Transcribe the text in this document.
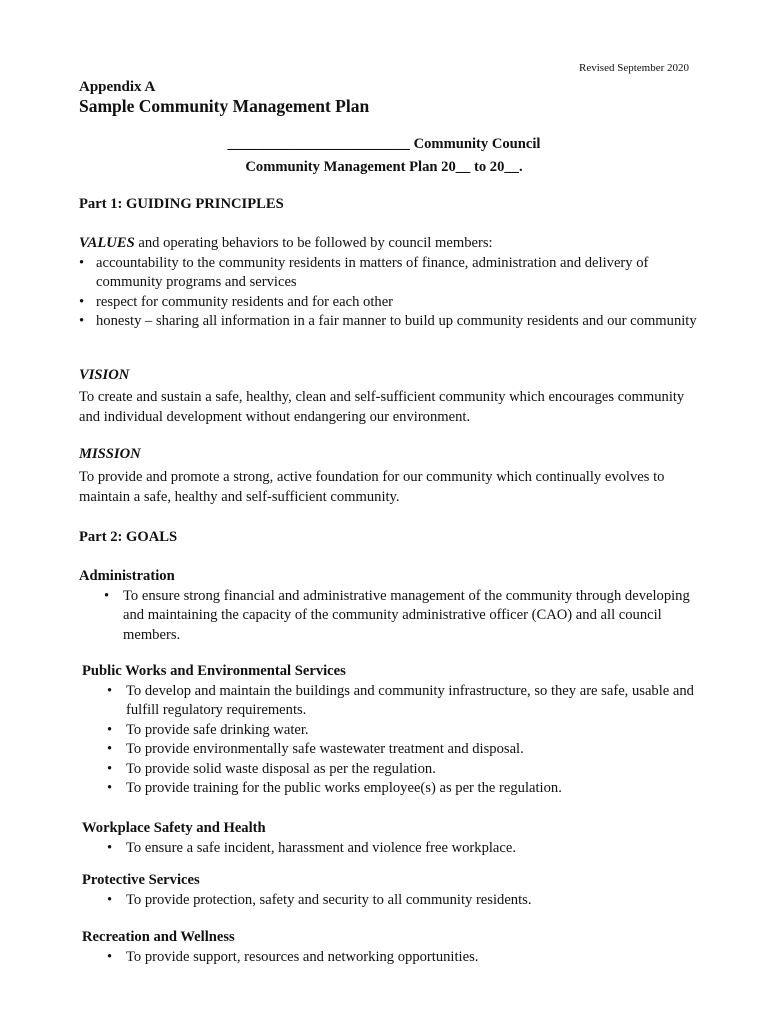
Revised September 2020

Appendix A

Sample Community Management Plan

_________________________ Community Council

Community Management Plan 20__ to 20__.

Part 1: GUIDING PRINCIPLES

VALUES and operating behaviors to be followed by council members:
• accountability to the community residents in matters of finance, administration and delivery of community programs and services
• respect for community residents and for each other
• honesty – sharing all information in a fair manner to build up community residents and our community

VISION

To create and sustain a safe, healthy, clean and self-sufficient community which encourages community and individual development without endangering our environment.

MISSION

To provide and promote a strong, active foundation for our community which continually evolves to maintain a safe, healthy and self-sufficient community.

Part 2: GOALS

Administration
• To ensure strong financial and administrative management of the community through developing and maintaining the capacity of the community administrative officer (CAO) and all council members.
Public Works and Environmental Services
• To develop and maintain the buildings and community infrastructure, so they are safe, usable and fulfill regulatory requirements.
• To provide safe drinking water.
• To provide environmentally safe wastewater treatment and disposal.
• To provide solid waste disposal as per the regulation.
• To provide training for the public works employee(s) as per the regulation.
Workplace Safety and Health
• To ensure a safe incident, harassment and violence free workplace.
Protective Services
• To provide protection, safety and security to all community residents.
Recreation and Wellness
• To provide support, resources and networking opportunities.
